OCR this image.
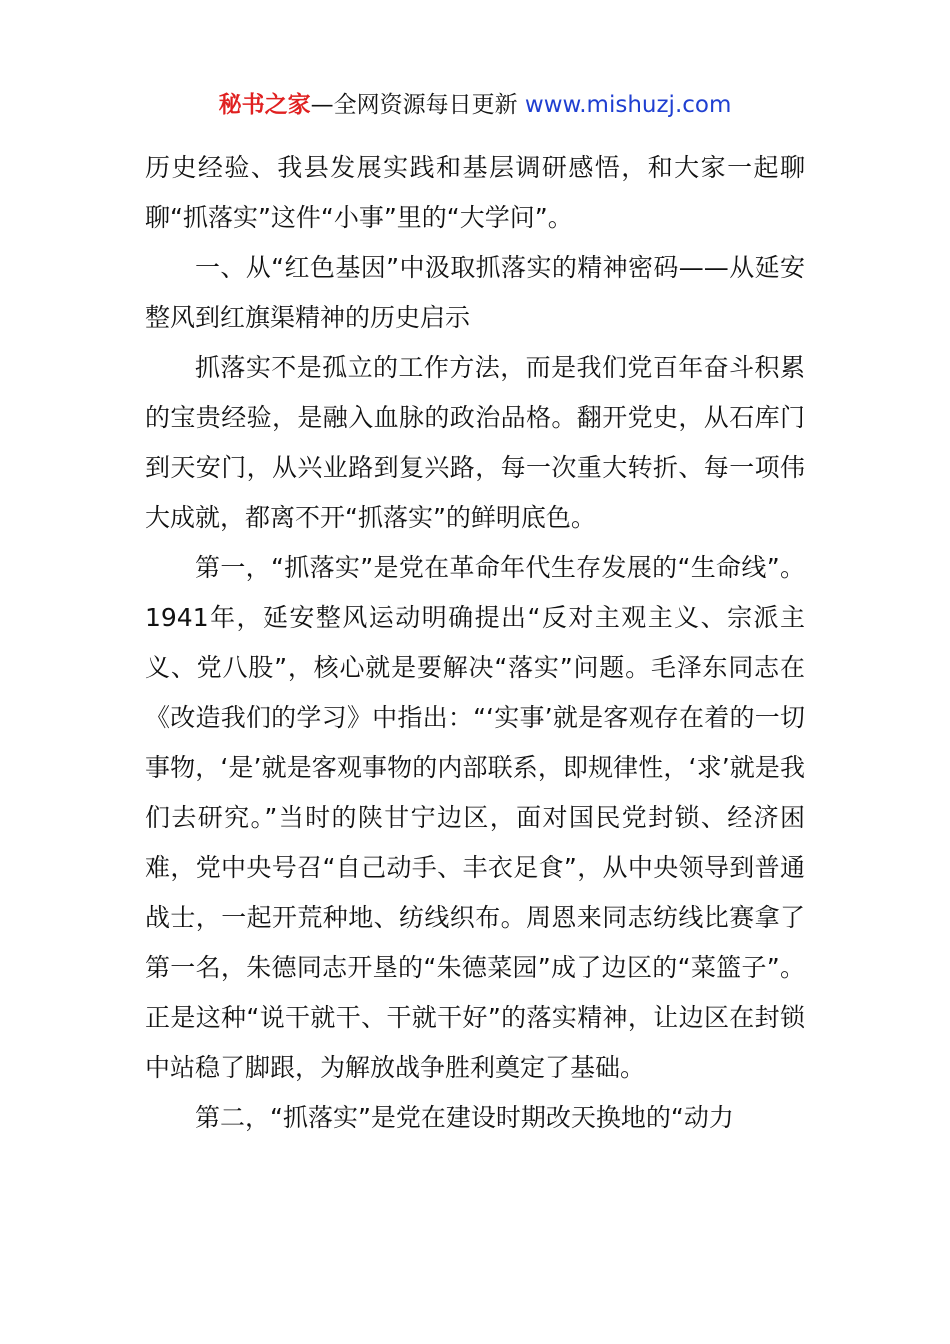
秘书之家—全网资源每日更新 www.mishuzj.com

历史经验、我县发展实践和基层调研感悟，和大家一起聊聊“抓落实”这件“小事”里的“大学问”。

一、从“红色基因”中汲取抓落实的精神密码——从延安整风到红旗渠精神的历史启示

抓落实不是孤立的工作方法，而是我们党百年奋斗积累的宝贵经验，是融入血脉的政治品格。翻开党史，从石库门到天安门，从兴业路到复兴路，每一次重大转折、每一项伟大成就，都离不开“抓落实”的鲜明底色。

第一，“抓落实”是党在革命年代生存发展的“生命线”。1941年，延安整风运动明确提出“反对主观主义、宗派主义、党八股”，核心就是要解决“落实”问题。毛泽东同志在《改造我们的学习》中指出：“‘实事’就是客观存在着的一切事物，‘是’就是客观事物的内部联系，即规律性，‘求’就是我们去研究。”当时的陕甘宁边区，面对国民党封锁、经济困难，党中央号召“自己动手、丰衣足食”，从中央领导到普通战士，一起开荒种地、纺线织布。周恩来同志纺线比赛拿了第一名，朱德同志开垦的“朱德菜园”成了边区的“菜篮子”。正是这种“说干就干、干就干好”的落实精神，让边区在封锁中站稳了脚跟，为解放战争胜利奠定了基础。

第二，“抓落实”是党在建设时期改天换地的“动力
